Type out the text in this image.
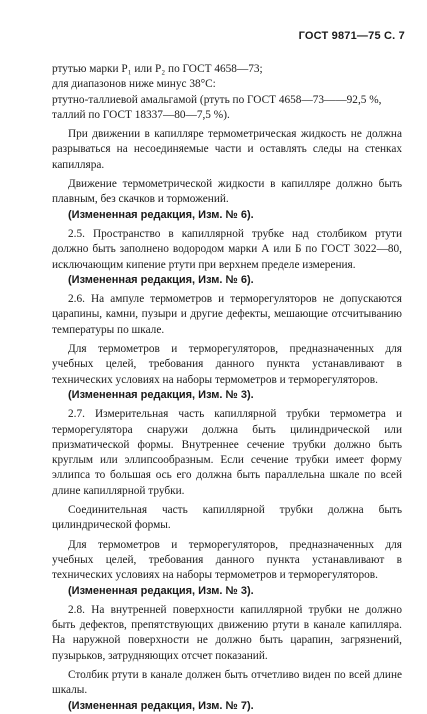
ГОСТ 9871—75 С. 7

ртутью марки Р₁ или Р₂ по ГОСТ 4658—73;

для диапазонов ниже минус 38°С:

ртутно-таллиевой амальгамой (ртуть по ГОСТ 4658—73——92,5 %,

таллий по ГОСТ 18337—80—7,5 %).

При движении в капилляре термометрическая жидкость не должна разрываться на несоединяемые части и оставлять следы на стенках капилляра.

Движение термометрической жидкости в капилляре должно быть плавным, без скачков и торможений.

(Измененная редакция, Изм. № 6).

2.5. Пространство в капиллярной трубке над столбиком ртути должно быть заполнено водородом марки А или Б по ГОСТ 3022—80, исключающим кипение ртути при верхнем пределе измерения.

(Измененная редакция, Изм. № 6).

2.6. На ампуле термометров и терморегуляторов не допускаются царапины, камни, пузыри и другие дефекты, мешающие отсчитыванию температуры по шкале.

Для термометров и терморегуляторов, предназначенных для учебных целей, требования данного пункта устанавливают в технических условиях на наборы термометров и терморегуляторов.

(Измененная редакция, Изм. № 3).

2.7. Измерительная часть капиллярной трубки термометра и терморегулятора снаружи должна быть цилиндрической или призматической формы. Внутреннее сечение трубки должно быть круглым или эллипсообразным. Если сечение трубки имеет форму эллипса то большая ось его должна быть параллельна шкале по всей длине капиллярной трубки.

Соединительная часть капиллярной трубки должна быть цилиндрической формы.

Для термометров и терморегуляторов, предназначенных для учебных целей, требования данного пункта устанавливают в технических условиях на наборы термометров и терморегуляторов.

(Измененная редакция, Изм. № 3).

2.8. На внутренней поверхности капиллярной трубки не должно быть дефектов, препятствующих движению ртути в канале капилляра. На наружной поверхности не должно быть царапин, загрязнений, пузырьков, затрудняющих отсчет показаний.

Столбик ртути в канале должен быть отчетливо виден по всей длине шкалы.

(Измененная редакция, Изм. № 7).
